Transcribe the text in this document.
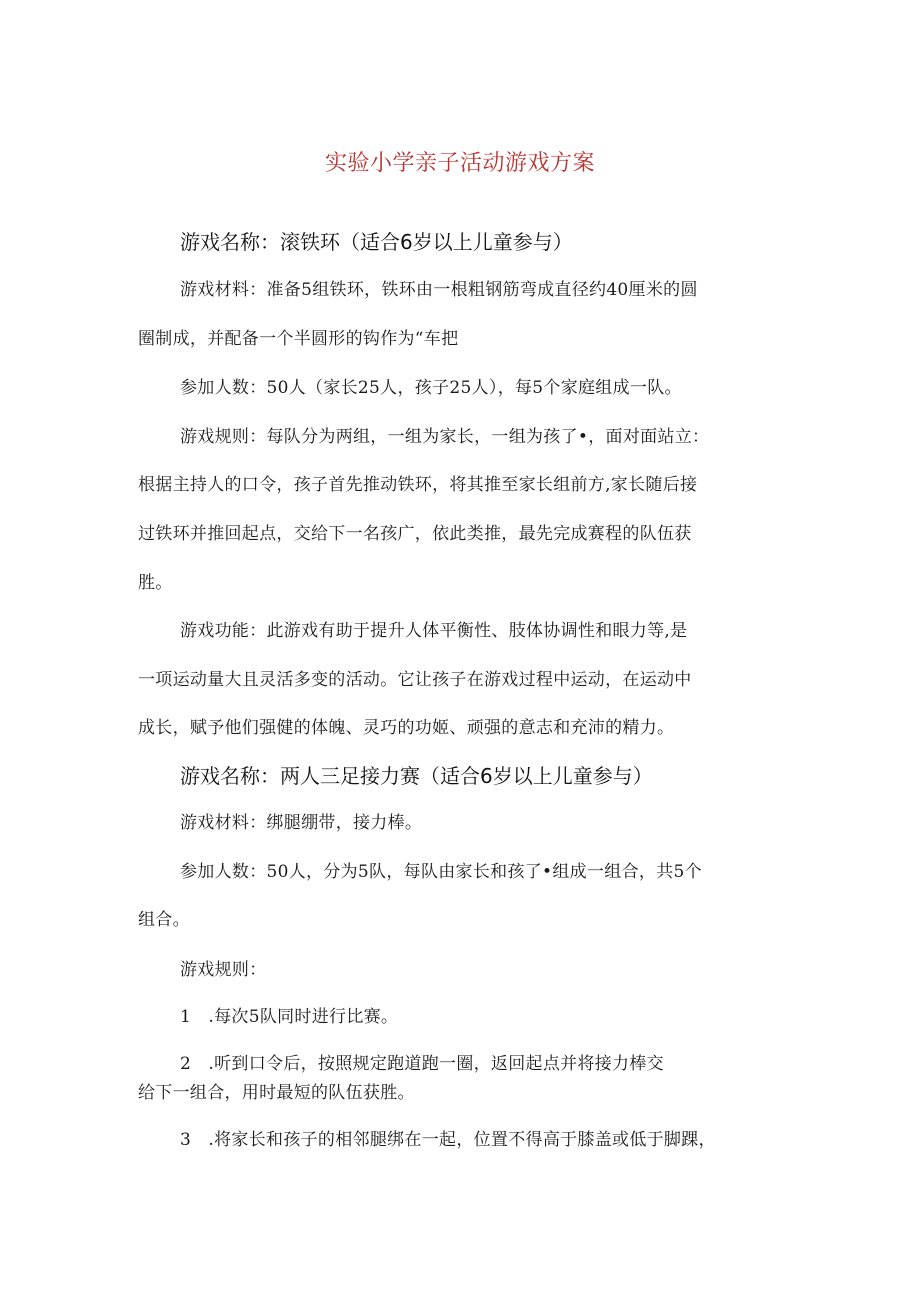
实验小学亲子活动游戏方案
游戏名称：滚铁环（适合6岁以上儿童参与）
游戏材料：准备5组铁环，铁环由一根粗钢筋弯成直径约40厘米的圆
圈制成，并配备一个半圆形的钩作为“车把
参加人数：50人（家长25人，孩子25人），每5个家庭组成一队。
游戏规则：每队分为两组，一组为家长，一组为孩了•，面对面站立：
根据主持人的口令，孩子首先推动铁环，将其推至家长组前方,家长随后接
过铁环并推回起点，交给下一名孩广，依此类推，最先完成赛程的队伍获
胜。
游戏功能：此游戏有助于提升人体平衡性、肢体协调性和眼力等,是
一项运动量大且灵活多变的活动。它让孩子在游戏过程中运动，在运动中
成长，赋予他们强健的体魄、灵巧的功姬、顽强的意志和充沛的精力。
游戏名称：两人三足接力赛（适合6岁以上儿童参与）
游戏材料：绑腿绷带，接力棒。
参加人数：50人，分为5队，每队由家长和孩了•组成一组合，共5个
组合。
游戏规则：
1　.每次5队同时进行比赛。
2　.听到口令后，按照规定跑道跑一圈，返回起点并将接力棒交
给下一组合，用时最短的队伍获胜。
3　.将家长和孩子的相邻腿绑在一起，位置不得高于膝盖或低于脚踝，
